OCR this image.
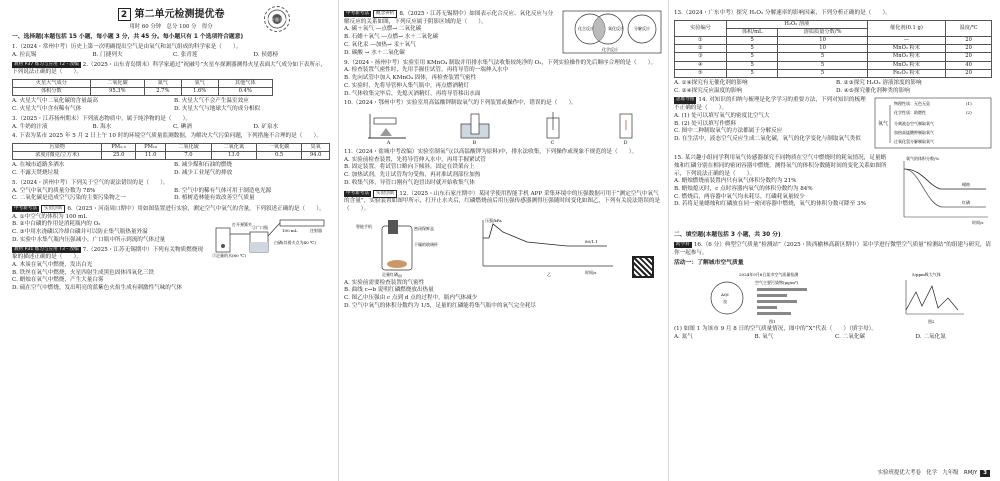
2 第二单元检测提优卷
用时 60 分钟　总分 100 分　得分
微专题小练
一、选择题(本题包括 15 小题，每小题 3 分，共 45 分。每小题只有 1 个选项符合题意)
1.（2024・常州中考）历史上第一次明确提出空气是由氧气和氮气组成的科学家是（　　）。
A. 拉瓦锡	B. 门捷列夫	C. 张青莲	D. 侯德榜
教材 P37 练习与应用 T2・改编 2.（2025・山东青岛期末）科学家通过“祝融号”火星车探测器测得火星表面大气成分如下表所示，下列说法正确的是（　　）。
火星大气成分	二氧化碳	氮气	氩气	其他气体
体积分数	95.3%	2.7%	1.6%	0.4%
A. 火星大气中二氧化碳的含量最高	B. 火星大气不会产生温室效应
C. 火星大气中含有稀有气体	D. 火星大气与地球大气的成分相似
3.（2025・江苏扬州期末）下列液态物质中，属于纯净物的是（　　）。
A. 牛奶的汁液	B. 海水	C. 碘酒	D. 矿泉水
4. 下表为某市 2025 年 5 月 2 日上午 10 时的环境空气质量监测数据，为解决大气污染问题，下列措施不合理的是（　　）。
污染物	PM₂.₅	PM₁₀	二氧化硫	二氧化氮	一氧化碳	臭氧
浓度/(微克/立方米)	25.0	11.0	7.0	13.0	0.5	94.0
A. 在城市道路多洒水	B. 减少煤和石油的燃烧
C. 不露天焚烧垃圾	D. 减少工业尾气的排放
5.（2024・滨州中考）下列关于空气的说法错误的是（　　）。
A. 空气中氧气的质量分数为 78%	B. 空气中的稀有气体可用于制造电光源
C. 二氧化碳是造成空气污染的主要污染物之一	D. 植树造林能有效改善空气质量
中考新考法 实验创新 6.（2025・河南周口期中）用如图装置进行实验，测定空气中氧气的含量，下列叙述正确的是（　　）。
打开弹簧夹
③足量的水(80 ℃)
②广口瓶
100 mL	注射器
白磷(其着火点为40 ℃)
A. ①中空气的体积为 100 mL
B. ②中白磷的作用是消耗瓶内的 O₂
C. ③中用水浇磷以冷却白磷并可以防止集气瓶热量外溢
D. 实验中水集气瓶内压强减小，广口瓶中所示到流的气体过量
教材 P31 练习与应用 T3・改编 7.（2025・江苏无锡期中）下列有关物质燃烧现象的描述正确的是（　　）。
A. 木炭在氧气中燃烧，发出白光
B. 铁丝在氧气中燃烧，火星四射生成黑色固体四氧化三铁
C. 蜡烛在氧气中燃烧，产生大量白雾
D. 硫在空气中燃烧，发出明亮的蓝紫色火焰生成有刺激性气味的气体
化合反应	氧化反应	分解反应
化学反应
中考新考法 概念辨析 8.（2025・江苏无锡期中）如图表示化合反应、氧化反应与分解反应的关系如图，下列反应属于阴影区域的是（　　）。
A. 碳＋氧气 ―点燃→ 二氧化碳
B. 石蜡＋氧气 ―点燃→ 水＋二氧化碳
C. 氧化汞 ―加热→ 汞＋氧气
D. 碳酸 → 水＋二氧化碳
9.（2024・扬州中考）实验室用 KMnO₄ 制取并用排水集气法收集较纯净的 O₂，下列实验操作的先后顺序合理的是（　　）。
A. 检查装置气密性时，先用手握住试管，再将导管的一端伸入水中
B. 先向试管中加入 KMnO₄ 固体，再检查装置气密性
C. 实验时，先将导管伸入集气瓶中，再点燃酒精灯
D. 气体收集完毕后，先熄灭酒精灯，再将导管移出水面
10.（2024・鄂州中考）实验室用高锰酸钾制取氧气的下列装置或操作中，错误的是（　　）。
A	B	C	D
11.（2024・盐城中考改编）实验室制氧气(以高锰酸钾为原料)中，排水法收集，下列操作或现象不规范的是（　　）。
A. 实验前检查装置，先将导管伸入水中，再用手握紧试管
B. 固定装置，将试管口略向下倾斜，固定在铁架台上
C. 加热试剂，先让试管均匀受热，再对准试剂部位加热
D. 收集气体，导管口刚有气泡冒出时就开始收集气体
中考新考法 实验创新 12.（2025・山东石家庄期中）某同学使用智能手机 APP 采集环境中的压强数据可用于“测定空气中氧气的含量”，实验装置如图甲所示，打开止水夹后，红磷燃烧前后用压强传感器测得压强随时间变化如图乙，下列有关说法错误的是（　　）。
智能手机	密闭保鲜盒
干燥的玻璃杯
足量红磷 甲
压强/kPa
时间/s
80/1.1
乙
A. 实验前需要检查装置的气密性
B. 曲线 c→b 说明红磷燃烧放出热量
C. 图乙中压强由 c 点到 d 点的过程中，瓶内气体减少
D. 空气中氧气的体积分数约为 1/5，足量的红磷能将集气瓶中的氧气完全耗尽
13.（2024・广东中考）探究 H₂O₂ 分解速率的影响因素，下列分析正确的是（　　）。
实验编号	H₂O₂ 溶液		催化剂(0.1 g)	温度/℃
	体积/mL	溶质质量分数/%		
①	5	10	—	20
②	5	10	MnO₂ 粉末	20
③	5	5	MnO₂ 粉末	20
④	5	5	MnO₂ 粉末	40
⑤	5	5	Fe₂O₃ 粉末	20
A. ①④探究有无催化剂的影响	B. ②③探究 H₂O₂ 溶液浓度的影响
C. ②④探究反应温度的影响	D. ④⑤探究催化剂种类的影响
氧气
物理性质：无色无臭	(1)
化学性质：助燃性	(2)
分离液态空气制取氧气
加热高锰酸钾制取氧气
过氧化氢分解制取氧气
思维导图 14. 对知识的归纳与梳理是化学学习的重要方法，下列对知识的梳理不正确的是（　　）。
A. (1) 处可以填写氧气的密度比空气大
B. (2) 处可以填写作燃料
C. 图中二种制取氧气的方法都属于分解反应
D. 在生活中，液态空气反应生成二氧化碳，氧气的化学变化与制取氧气类似
氧气的体积分数/%
时间/s
蜡烛
红磷
15. 某兴趣小组同学利用氧气传感器探究不同物质在空气中燃烧时的耗氧情况，足量蜡烛和红磷分别在相同的密闭容器中燃烧，测得氧气的体积分数随时间的变化关系如图所示，下列说法正确的是（　　）。
A. 蜡烛燃烧前装置内只有氧气体积分数约为 21%
B. 蜡烛熄灭时，c 点时容器内氧气的体积分数约为 84%
C. 燃烧后，两容器中氧气均未耗尽，红磷耗氧量较少
D. 若将足量蜡烛和红磷放在同一密闭容器中燃烧，氧气的体积分数可降至 3%
二、填空题(本题包括 3 小题，共 30 分)
跨学科 16.（6 分）典型空气质量“检测站”（2025・陕西榆林高新区期中）某中学进行微型空气质量“检测站”的组建与研究，请你一起参与。
活动一：了解城市空气质量
2024年9月8日某市空气质量检测
AQI
良
空气主要污染物(μg/m³)
图1
5/ppm吸大气体
图2
(1) 如图 1 为该市 9 月 8 日的空气质量情况，图中的“X”代表（　　）（填字母）。
A. 氮气	B. 氧气	C. 二氧化碳	D. 二氧化氮
实验班提优大考卷　化学　九年级　RMJY 3
